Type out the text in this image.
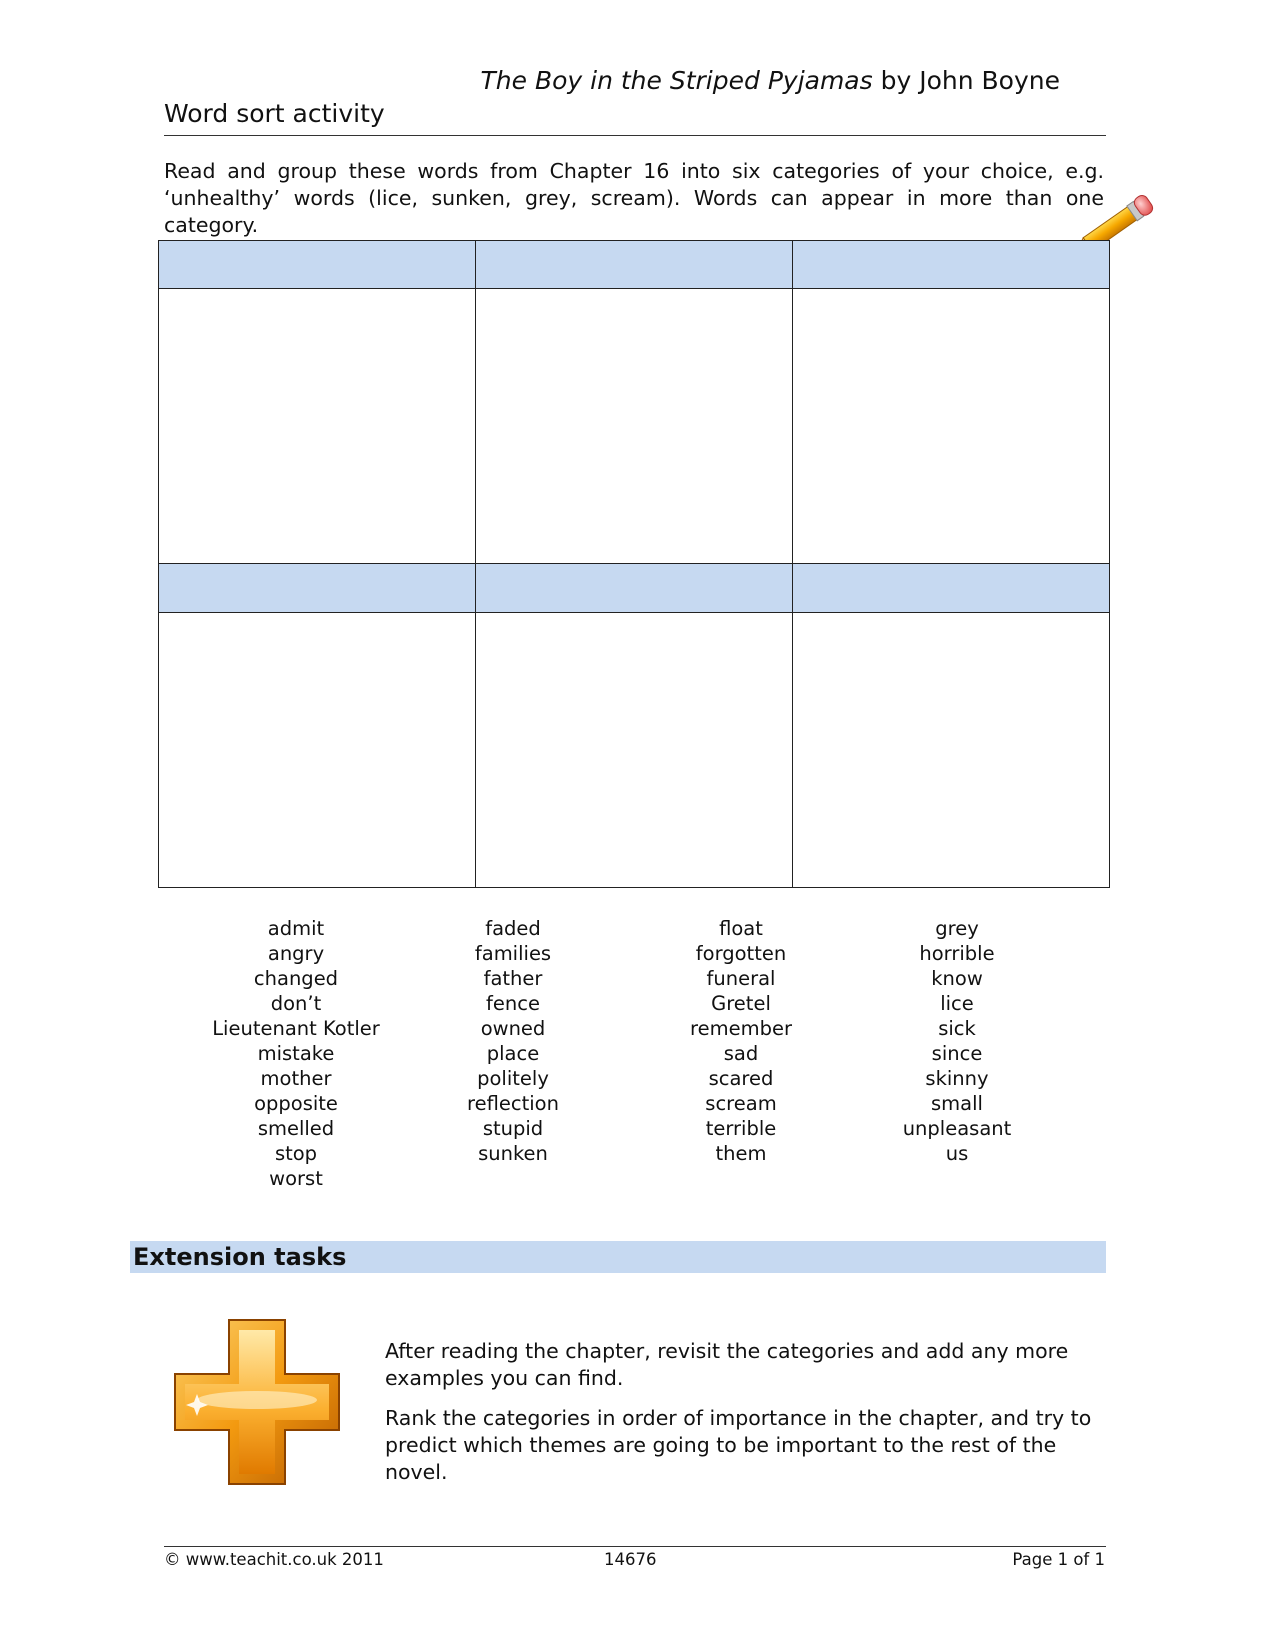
The Boy in the Striped Pyjamas by John Boyne
Word sort activity
Read and group these words from Chapter 16 into six categories of your choice, e.g. ‘unhealthy’ words (lice, sunken, grey, scream). Words can appear in more than one category.

admit
angry
changed
don’t
Lieutenant Kotler
mistake
mother
opposite
smelled
stop
worst
faded
families
father
fence
owned
place
politely
reflection
stupid
sunken
float
forgotten
funeral
Gretel
remember
sad
scared
scream
terrible
them
grey
horrible
know
lice
sick
since
skinny
small
unpleasant
us
Extension tasks

After reading the chapter, revisit the categories and add any more examples you can find.

Rank the categories in order of importance in the chapter, and try to predict which themes are going to be important to the rest of the novel.

© www.teachit.co.uk 2011	14676	Page 1 of 1
